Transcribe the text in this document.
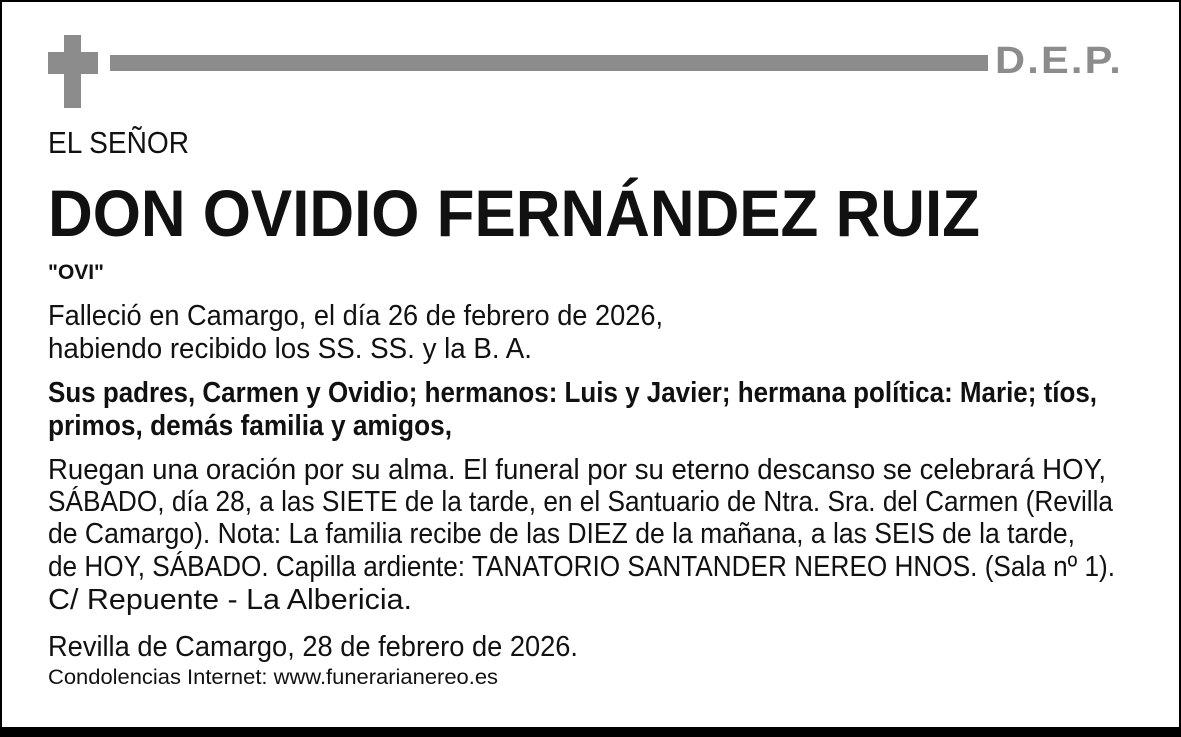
D.E.P.
EL SEÑOR
DON OVIDIO FERNÁNDEZ RUIZ
"OVI"
Falleció en Camargo, el día 26 de febrero de 2026,
habiendo recibido los SS. SS. y la B. A.
Sus padres, Carmen y Ovidio; hermanos: Luis y Javier; hermana política: Marie; tíos,
primos, demás familia y amigos,
Ruegan una oración por su alma. El funeral por su eterno descanso se celebrará HOY,
SÁBADO, día 28, a las SIETE de la tarde, en el Santuario de Ntra. Sra. del Carmen (Revilla
de Camargo). Nota: La familia recibe de las DIEZ de la mañana, a las SEIS de la tarde,
de HOY, SÁBADO. Capilla ardiente: TANATORIO SANTANDER NEREO HNOS. (Sala nº 1).
C/ Repuente - La Albericia.
Revilla de Camargo, 28 de febrero de 2026.
Condolencias Internet: www.funerarianereo.es
